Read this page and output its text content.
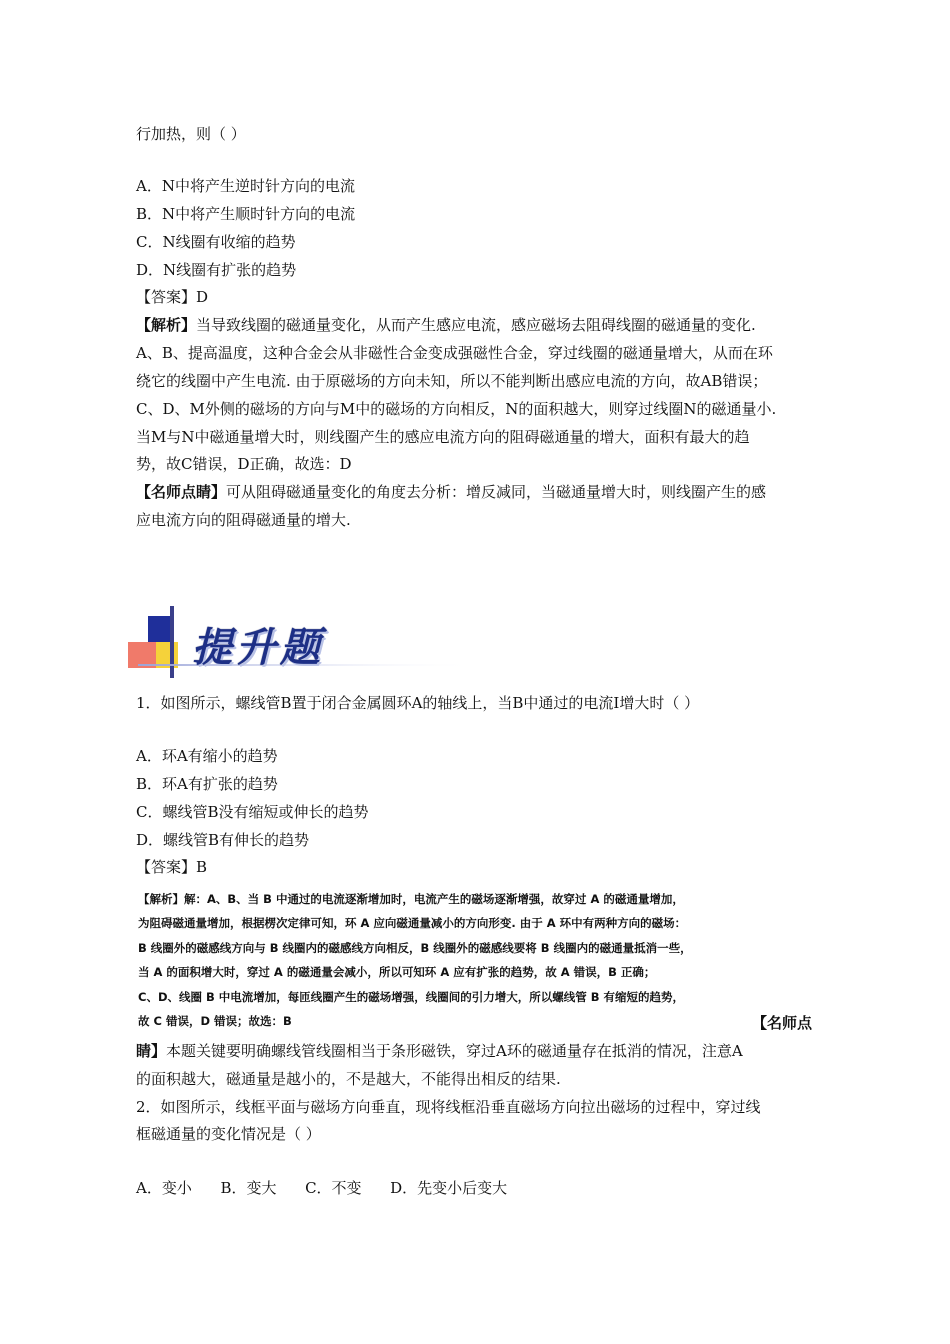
行加热，则（ ）
A．N中将产生逆时针方向的电流
B．N中将产生顺时针方向的电流
C．N线圈有收缩的趋势
D．N线圈有扩张的趋势
【答案】D
【解析】当导致线圈的磁通量变化，从而产生感应电流，感应磁场去阻碍线圈的磁通量的变化.
A、B、提高温度，这种合金会从非磁性合金变成强磁性合金，穿过线圈的磁通量增大，从而在环
绕它的线圈中产生电流. 由于原磁场的方向未知，所以不能判断出感应电流的方向，故AB错误；
C、D、M外侧的磁场的方向与M中的磁场的方向相反，N的面积越大，则穿过线圈N的磁通量小.
当M与N中磁通量增大时，则线圈产生的感应电流方向的阻碍磁通量的增大，面积有最大的趋
势，故C错误，D正确，故选：D
【名师点睛】可从阻碍磁通量变化的角度去分析：增反减同，当磁通量增大时，则线圈产生的感
应电流方向的阻碍磁通量的增大.
提升题
1．如图所示，螺线管B置于闭合金属圆环A的轴线上，当B中通过的电流I增大时（ ）
A．环A有缩小的趋势
B．环A有扩张的趋势
C．螺线管B没有缩短或伸长的趋势
D．螺线管B有伸长的趋势
【答案】B
【解析】解：A、B、当 B 中通过的电流逐渐增加时，电流产生的磁场逐渐增强，故穿过 A 的磁通量增加，
为阻碍磁通量增加，根据楞次定律可知，环 A 应向磁通量减小的方向形变. 由于 A 环中有两种方向的磁场：
B 线圈外的磁感线方向与 B 线圈内的磁感线方向相反，B 线圈外的磁感线要将 B 线圈内的磁通量抵消一些，
当 A 的面积增大时，穿过 A 的磁通量会减小，所以可知环 A 应有扩张的趋势，故 A 错误，B 正确；
C、D、线圈 B 中电流增加，每匝线圈产生的磁场增强，线圈间的引力增大，所以螺线管 B 有缩短的趋势，
故 C 错误，D 错误；故选：B	【名师点
睛】本题关键要明确螺线管线圈相当于条形磁铁，穿过A环的磁通量存在抵消的情况，注意A
的面积越大，磁通量是越小的，不是越大，不能得出相反的结果.
2．如图所示，线框平面与磁场方向垂直，现将线框沿垂直磁场方向拉出磁场的过程中，穿过线
框磁通量的变化情况是（ ）
A．变小      B．变大      C．不变      D．先变小后变大
